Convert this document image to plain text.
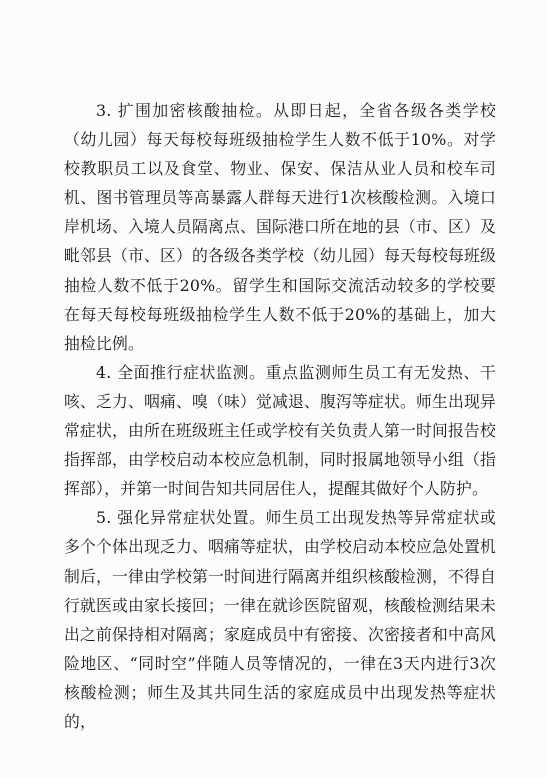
3. 扩围加密核酸抽检。从即日起，全省各级各类学校（幼儿园）每天每校每班级抽检学生人数不低于10%。对学校教职员工以及食堂、物业、保安、保洁从业人员和校车司机、图书管理员等高暴露人群每天进行1次核酸检测。入境口岸机场、入境人员隔离点、国际港口所在地的县（市、区）及毗邻县（市、区）的各级各类学校（幼儿园）每天每校每班级抽检人数不低于20%。留学生和国际交流活动较多的学校要在每天每校每班级抽检学生人数不低于20%的基础上，加大抽检比例。

4. 全面推行症状监测。重点监测师生员工有无发热、干咳、乏力、咽痛、嗅（味）觉减退、腹泻等症状。师生出现异常症状，由所在班级班主任或学校有关负责人第一时间报告校指挥部，由学校启动本校应急机制，同时报属地领导小组（指挥部），并第一时间告知共同居住人，提醒其做好个人防护。

5. 强化异常症状处置。师生员工出现发热等异常症状或多个个体出现乏力、咽痛等症状，由学校启动本校应急处置机制后，一律由学校第一时间进行隔离并组织核酸检测，不得自行就医或由家长接回；一律在就诊医院留观，核酸检测结果未出之前保持相对隔离；家庭成员中有密接、次密接者和中高风险地区、“同时空”伴随人员等情况的，一律在3天内进行3次核酸检测；师生及其共同生活的家庭成员中出现发热等症状的，
